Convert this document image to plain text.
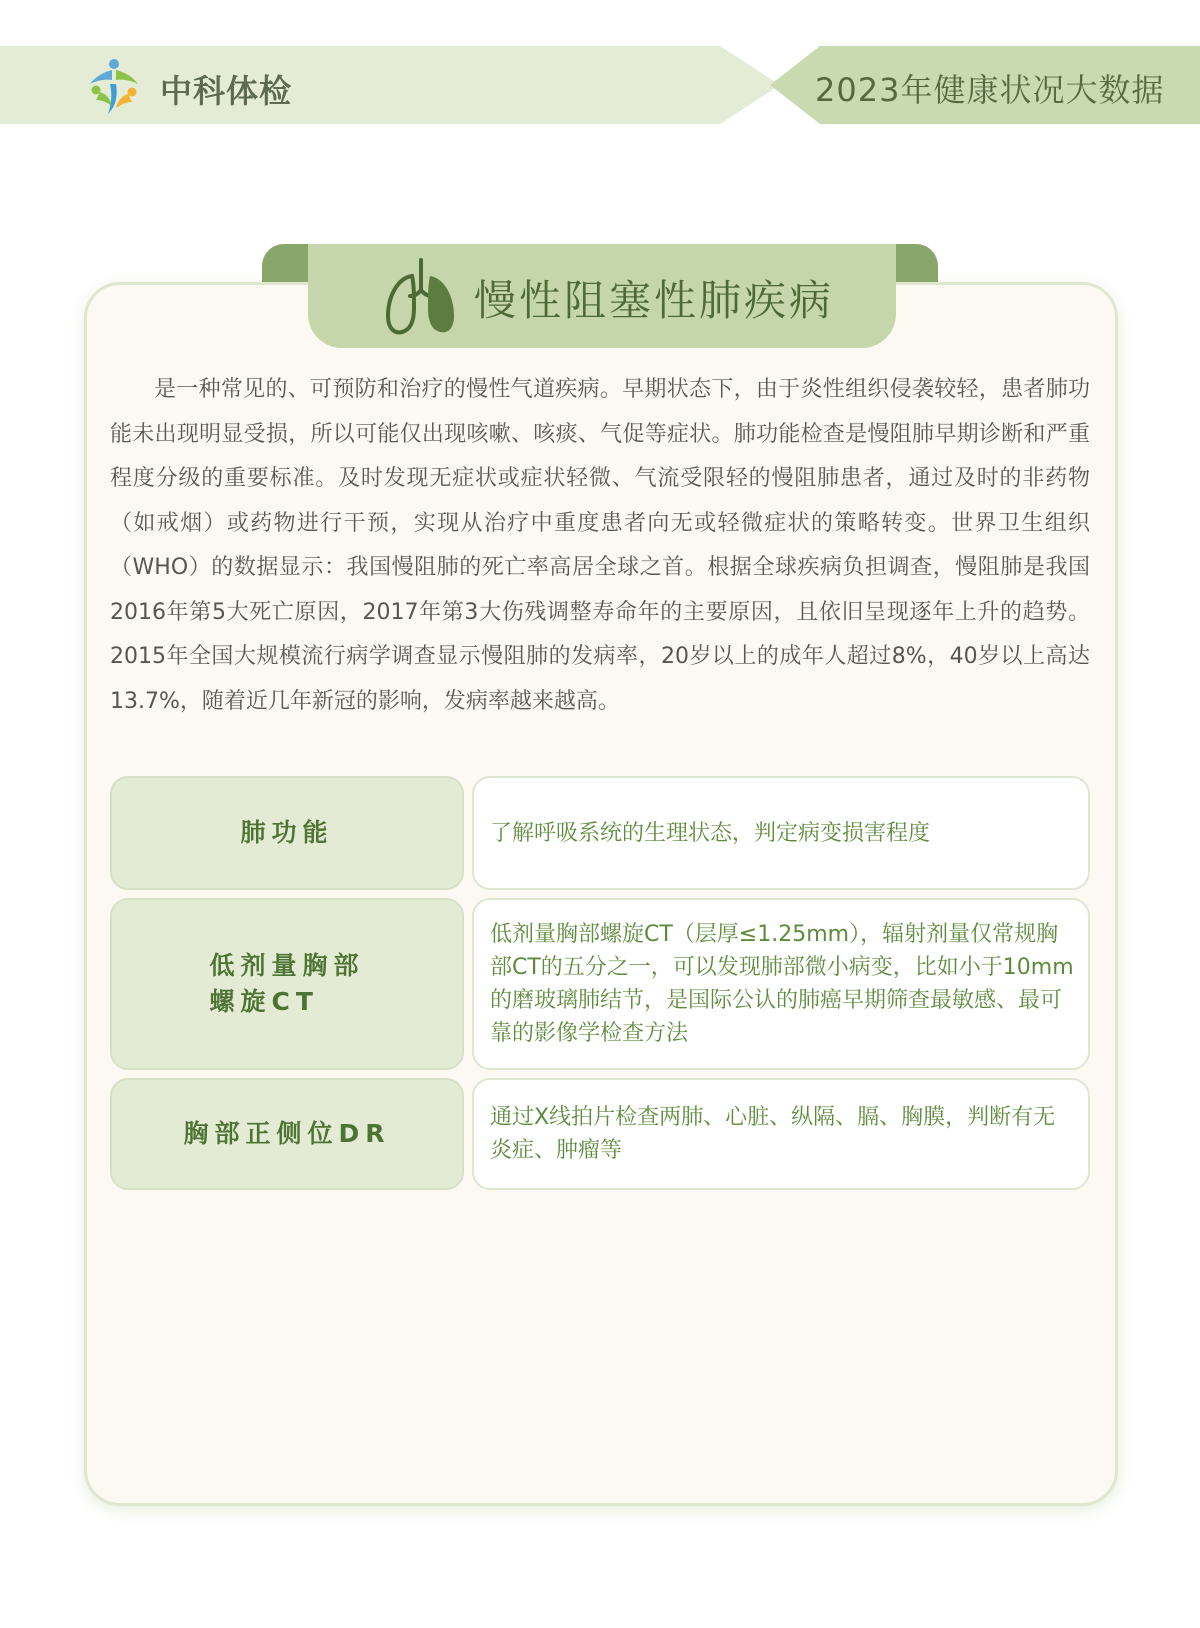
中科体检	2023年健康状况大数据
慢性阻塞性肺疾病

是一种常见的、可预防和治疗的慢性气道疾病。早期状态下，由于炎性组织侵袭较轻，患者肺功能未出现明显受损，所以可能仅出现咳嗽、咳痰、气促等症状。肺功能检查是慢阻肺早期诊断和严重程度分级的重要标准。及时发现无症状或症状轻微、气流受限轻的慢阻肺患者，通过及时的非药物（如戒烟）或药物进行干预，实现从治疗中重度患者向无或轻微症状的策略转变。世界卫生组织（WHO）的数据显示：我国慢阻肺的死亡率高居全球之首。根据全球疾病负担调查，慢阻肺是我国2016年第5大死亡原因，2017年第3大伤残调整寿命年的主要原因，且依旧呈现逐年上升的趋势。2015年全国大规模流行病学调查显示慢阻肺的发病率，20岁以上的成年人超过8%，40岁以上高达13.7%，随着近几年新冠的影响，发病率越来越高。

肺功能	了解呼吸系统的生理状态，判定病变损害程度
低剂量胸部
螺旋CT
低剂量胸部螺旋CT（层厚≤1.25mm），辐射剂量仅常规胸部CT的五分之一，可以发现肺部微小病变，比如小于10mm的磨玻璃肺结节，是国际公认的肺癌早期筛查最敏感、最可靠的影像学检查方法
胸部正侧位DR
通过X线拍片检查两肺、心脏、纵隔、膈、胸膜，判断有无炎症、肿瘤等
